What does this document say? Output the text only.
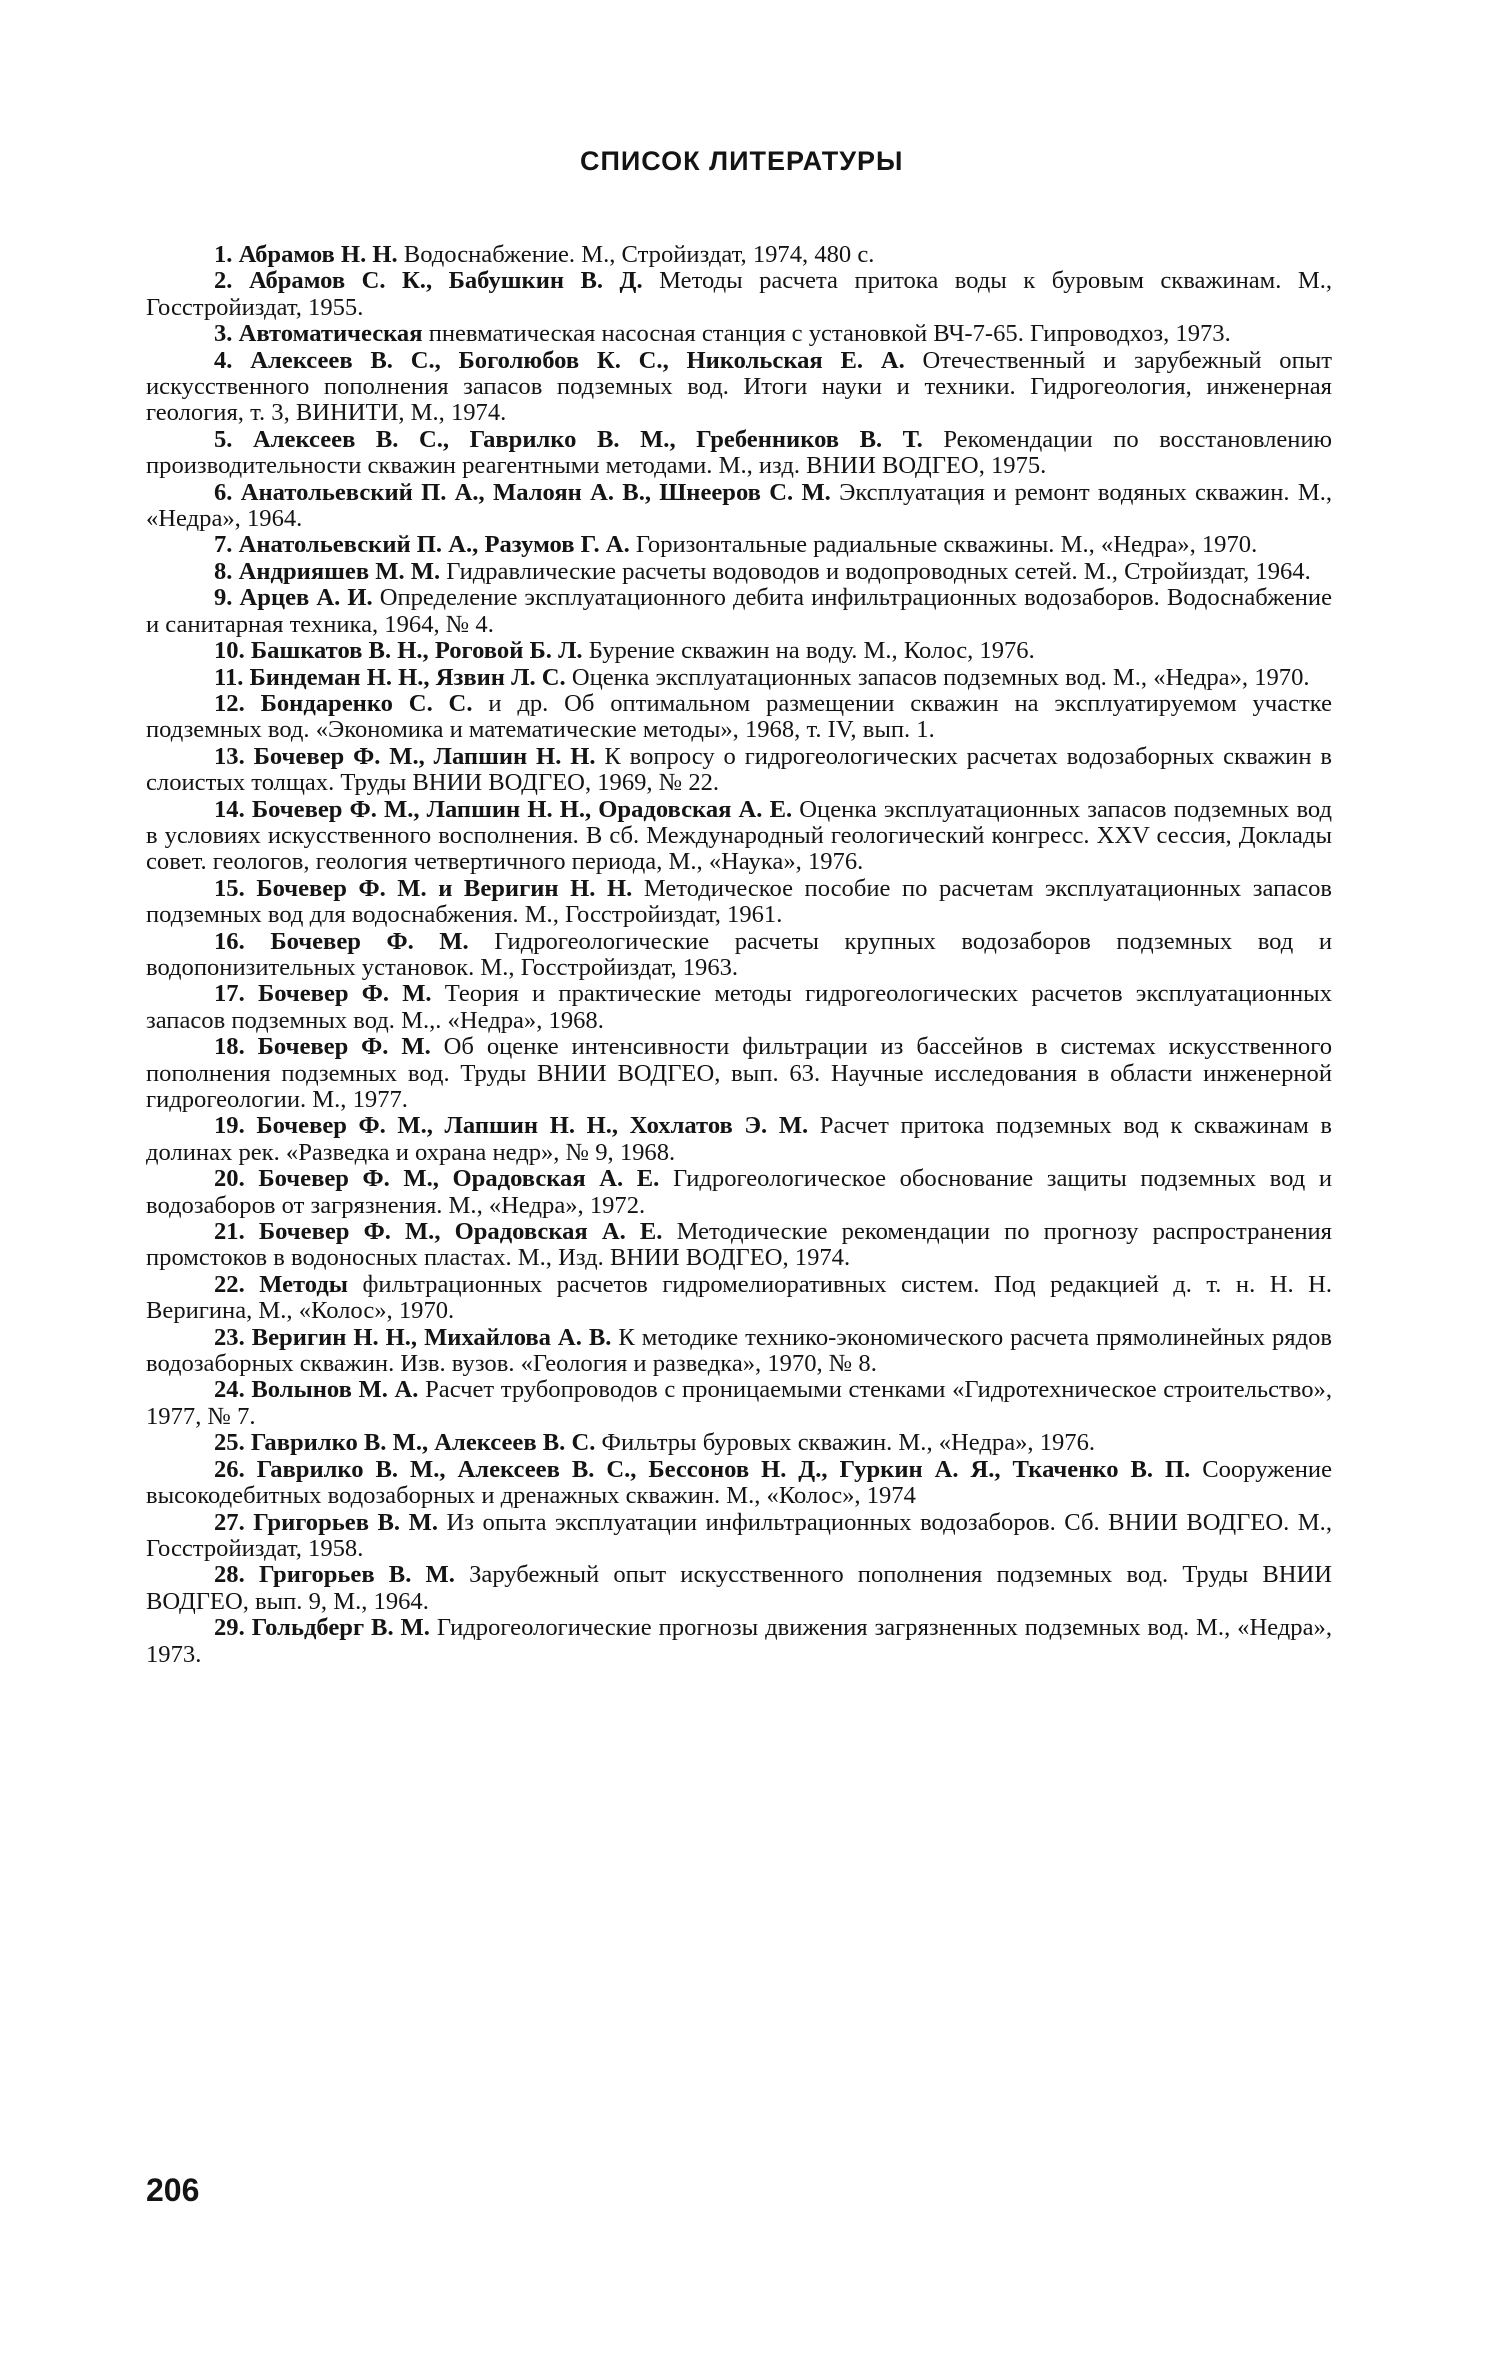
СПИСОК ЛИТЕРАТУРЫ
1. Абрамов Н. Н. Водоснабжение. М., Стройиздат, 1974, 480 с.
2. Абрамов С. К., Бабушкин В. Д. Методы расчета притока воды к буровым скважинам. М., Госстройиздат, 1955.
3. Автоматическая пневматическая насосная станция с установкой ВЧ-7-65. Гипроводхоз, 1973.
4. Алексеев В. С., Боголюбов К. С., Никольская Е. А. Отечественный и зарубежный опыт искусственного пополнения запасов подземных вод. Итоги науки и техники. Гидрогеология, инженерная геология, т. 3, ВИНИТИ, М., 1974.
5. Алексеев В. С., Гаврилко В. М., Гребенников В. Т. Рекомендации по восстановлению производительности скважин реагентными методами. М., изд. ВНИИ ВОДГЕО, 1975.
6. Анатольевский П. А., Малоян А. В., Шнееров С. М. Эксплуатация и ремонт водяных скважин. М., «Недра», 1964.
7. Анатольевский П. А., Разумов Г. А. Горизонтальные радиальные скважины. М., «Недра», 1970.
8. Андрияшев М. М. Гидравлические расчеты водоводов и водопроводных сетей. М., Стройиздат, 1964.
9. Арцев А. И. Определение эксплуатационного дебита инфильтрационных водозаборов. Водоснабжение и санитарная техника, 1964, № 4.
10. Башкатов В. Н., Роговой Б. Л. Бурение скважин на воду. М., Колос, 1976.
11. Биндеман Н. Н., Язвин Л. С. Оценка эксплуатационных запасов подземных вод. М., «Недра», 1970.
12. Бондаренко С. С. и др. Об оптимальном размещении скважин на эксплуатируемом участке подземных вод. «Экономика и математические методы», 1968, т. IV, вып. 1.
13. Бочевер Ф. М., Лапшин Н. Н. К вопросу о гидрогеологических расчетах водозаборных скважин в слоистых толщах. Труды ВНИИ ВОДГЕО, 1969, № 22.
14. Бочевер Ф. М., Лапшин Н. Н., Орадовская А. Е. Оценка эксплуатационных запасов подземных вод в условиях искусственного восполнения. В сб. Международный геологический конгресс. XXV сессия, Доклады совет. геологов, геология четвертичного периода, М., «Наука», 1976.
15. Бочевер Ф. М. и Веригин Н. Н. Методическое пособие по расчетам эксплуатационных запасов подземных вод для водоснабжения. М., Госстройиздат, 1961.
16. Бочевер Ф. М. Гидрогеологические расчеты крупных водозаборов подземных вод и водопонизительных установок. М., Госстройиздат, 1963.
17. Бочевер Ф. М. Теория и практические методы гидрогеологических расчетов эксплуатационных запасов подземных вод. М.,. «Недра», 1968.
18. Бочевер Ф. М. Об оценке интенсивности фильтрации из бассейнов в системах искусственного пополнения подземных вод. Труды ВНИИ ВОДГЕО, вып. 63. Научные исследования в области инженерной гидрогеологии. М., 1977.
19. Бочевер Ф. М., Лапшин Н. Н., Хохлатов Э. М. Расчет притока подземных вод к скважинам в долинах рек. «Разведка и охрана недр», № 9, 1968.
20. Бочевер Ф. М., Орадовская А. Е. Гидрогеологическое обоснование защиты подземных вод и водозаборов от загрязнения. М., «Недра», 1972.
21. Бочевер Ф. М., Орадовская А. Е. Методические рекомендации по прогнозу распространения промстоков в водоносных пластах. М., Изд. ВНИИ ВОДГЕО, 1974.
22. Методы фильтрационных расчетов гидромелиоративных систем. Под редакцией д. т. н. Н. Н. Веригина, М., «Колос», 1970.
23. Веригин Н. Н., Михайлова А. В. К методике технико-экономического расчета прямолинейных рядов водозаборных скважин. Изв. вузов. «Геология и разведка», 1970, № 8.
24. Волынов М. А. Расчет трубопроводов с проницаемыми стенками «Гидротехническое строительство», 1977, № 7.
25. Гаврилко В. М., Алексеев В. С. Фильтры буровых скважин. М., «Недра», 1976.
26. Гаврилко В. М., Алексеев В. С., Бессонов Н. Д., Гуркин А. Я., Ткаченко В. П. Сооружение высокодебитных водозаборных и дренажных скважин. М., «Колос», 1974
27. Григорьев В. М. Из опыта эксплуатации инфильтрационных водозаборов. Сб. ВНИИ ВОДГЕО. М., Госстройиздат, 1958.
28. Григорьев В. М. Зарубежный опыт искусственного пополнения подземных вод. Труды ВНИИ ВОДГЕО, вып. 9, М., 1964.
29. Гольдберг В. М. Гидрогеологические прогнозы движения загрязненных подземных вод. М., «Недра», 1973.
206
